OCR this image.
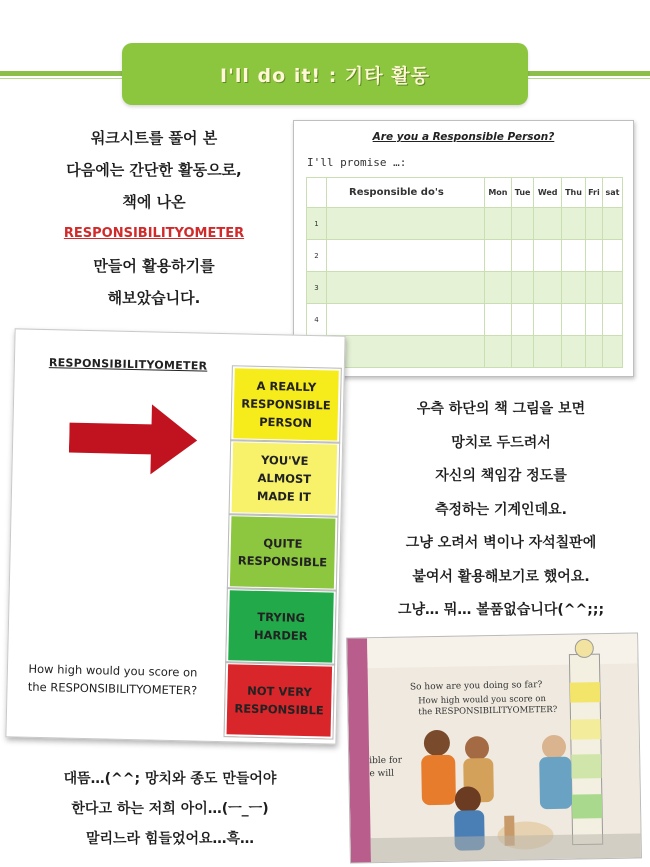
I'll do it! : 기타 활동
워크시트를 풀어 본
다음에는 간단한 활동으로,
책에 나온
RESPONSIBILITYOMETER
만들어 활용하기를
해보았습니다.
Are you a Responsible Person?
I'll promise …:
	Responsible do's	Mon	Tue	Wed	Thu	Fri	sat
1							
2							
3							
4							

RESPONSIBILITYOMETER
A REALLY RESPONSIBLE PERSON
YOU'VE ALMOST MADE IT
QUITE RESPONSIBLE
TRYING HARDER
NOT VERY RESPONSIBLE
How high would you score on the RESPONSIBILITYOMETER?
우측 하단의 책 그림을 보면
망치로 두드려서
자신의 책임감 정도를
측정하는 기계인데요.
그냥 오려서 벽이나 자석칠판에
붙여서 활용해보기로 했어요.
그냥… 뭐… 볼품없습니다(^^;;;
So how are you doing so far?
How high would you score on
the RESPONSIBILITYOMETER?
ible for
e will
대뜸…(^^; 망치와 종도 만들어야
한다고 하는 저희 아이…(ㅡ_ㅡ)
말리느라 힘들었어요…흑…
